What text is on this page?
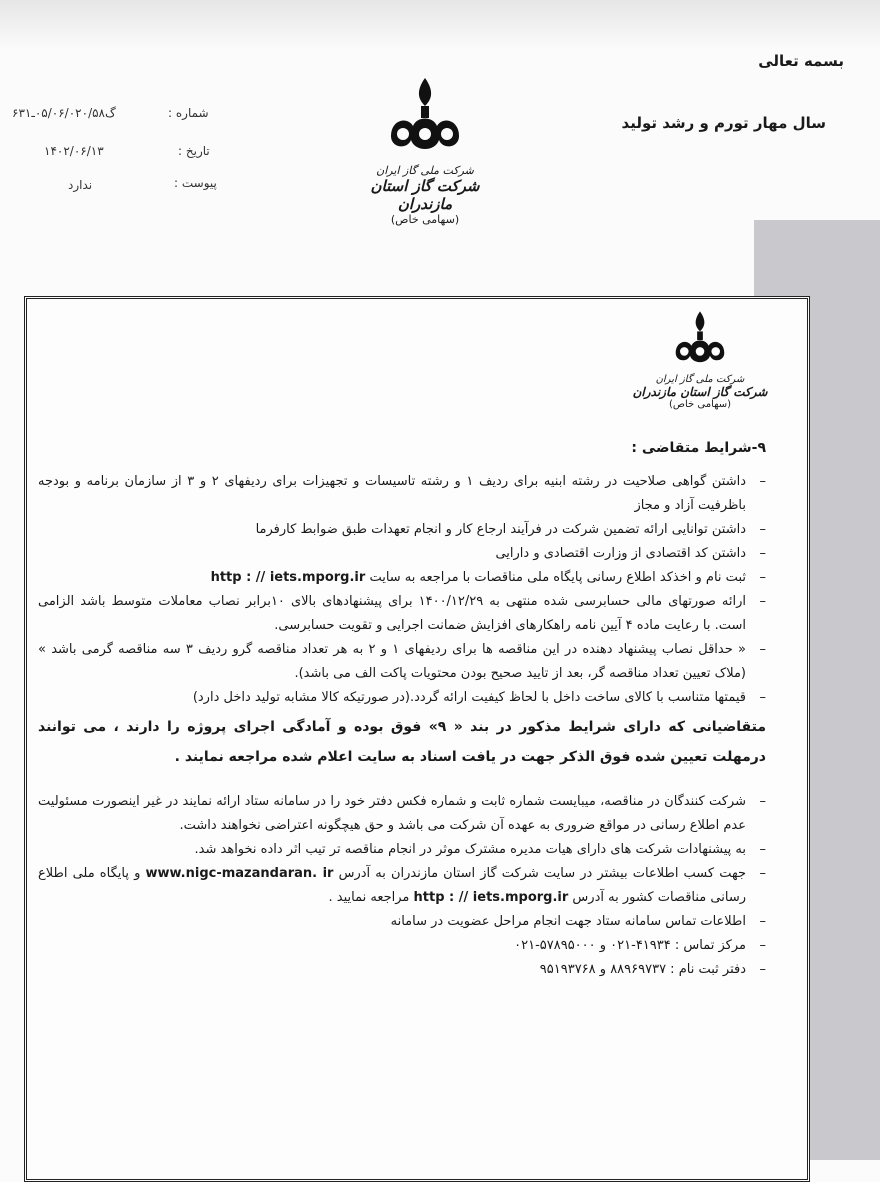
بسمه تعالی
سال مهار تورم و رشد تولید
شماره :
گ۰۵/۰۶/۰۲۰/۵۸‌ـ‌۶۳۱
تاریخ :
۱۴۰۲/۰۶/۱۳
پیوست :
ندارد
شرکت ملی گاز ایران
شرکت گاز استان مازندران
(سهامی خاص)
شرکت ملی گاز ایران
شرکت گاز استان مازندران
(سهامی خاص)
۹-شرایط متقاضی :
–
داشتن گواهی صلاحیت در رشته ابنیه برای ردیف ۱ و رشته تاسیسات و تجهیزات برای ردیفهای ۲ و ۳ از سازمان برنامه و بودجه باظرفیت آزاد و مجاز
–
داشتن توانایی ارائه تضمین شرکت در فرآیند ارجاع کار و انجام تعهدات طبق ضوابط کارفرما
–
داشتن کد اقتصادی از وزارت اقتصادی و دارایی
–
ثبت نام و اخذکد اطلاع رسانی پایگاه ملی مناقصات با مراجعه به سایت http : // iets.mporg.ir
–
ارائه صورتهای مالی حسابرسی شده منتهی به ۱۴۰۰/۱۲/۲۹ برای پیشنهادهای بالای ۱۰برابر نصاب معاملات متوسط باشد الزامی است. با رعایت ماده ۴ آیین نامه راهکارهای افزایش ضمانت اجرایی و تقویت حسابرسی.
–
« حداقل نصاب پیشنهاد دهنده در این مناقصه ها برای ردیفهای ۱ و ۲ به هر تعداد مناقصه گرو ردیف ۳ سه مناقصه گرمی باشد » (ملاک تعیین تعداد مناقصه گر، بعد از تایید صحیح بودن محتویات پاکت الف می باشد).
–
قیمتها متناسب با کالای ساخت داخل با لحاظ کیفیت ارائه گردد.(در صورتیکه کالا مشابه تولید داخل دارد)
متقاضیانی که دارای شرایط مذکور در بند « ۹» فوق بوده و آمادگی اجرای پروژه را دارند ، می توانند درمهلت تعیین شده فوق الذکر جهت در یافت اسناد به سایت اعلام شده مراجعه نمایند .
–
شرکت کنندگان در مناقصه، میبایست شماره ثابت و شماره فکس دفتر خود را در سامانه ستاد ارائه نمایند در غیر اینصورت مسئولیت عدم اطلاع رسانی در مواقع ضروری به عهده آن شرکت می باشد و حق هیچگونه اعتراضی نخواهند داشت.
–
به پیشنهادات شرکت های دارای هیات مدیره مشترک موثر در انجام مناقصه تر تیب اثر داده نخواهد شد.
–
جهت کسب اطلاعات بیشتر در سایت شرکت گاز استان مازندران به آدرس www.nigc-mazandaran. ir و پایگاه ملی اطلاع رسانی مناقصات کشور به آدرس http : // iets.mporg.ir مراجعه نمایید .
–
اطلاعات تماس سامانه ستاد جهت انجام مراحل عضویت در سامانه
–
مرکز تماس : ۴۱۹۳۴-۰۲۱ و ۵۷۸۹۵۰۰۰-۰۲۱
–
دفتر ثبت نام : ۸۸۹۶۹۷۳۷ و ۹۵۱۹۳۷۶۸
